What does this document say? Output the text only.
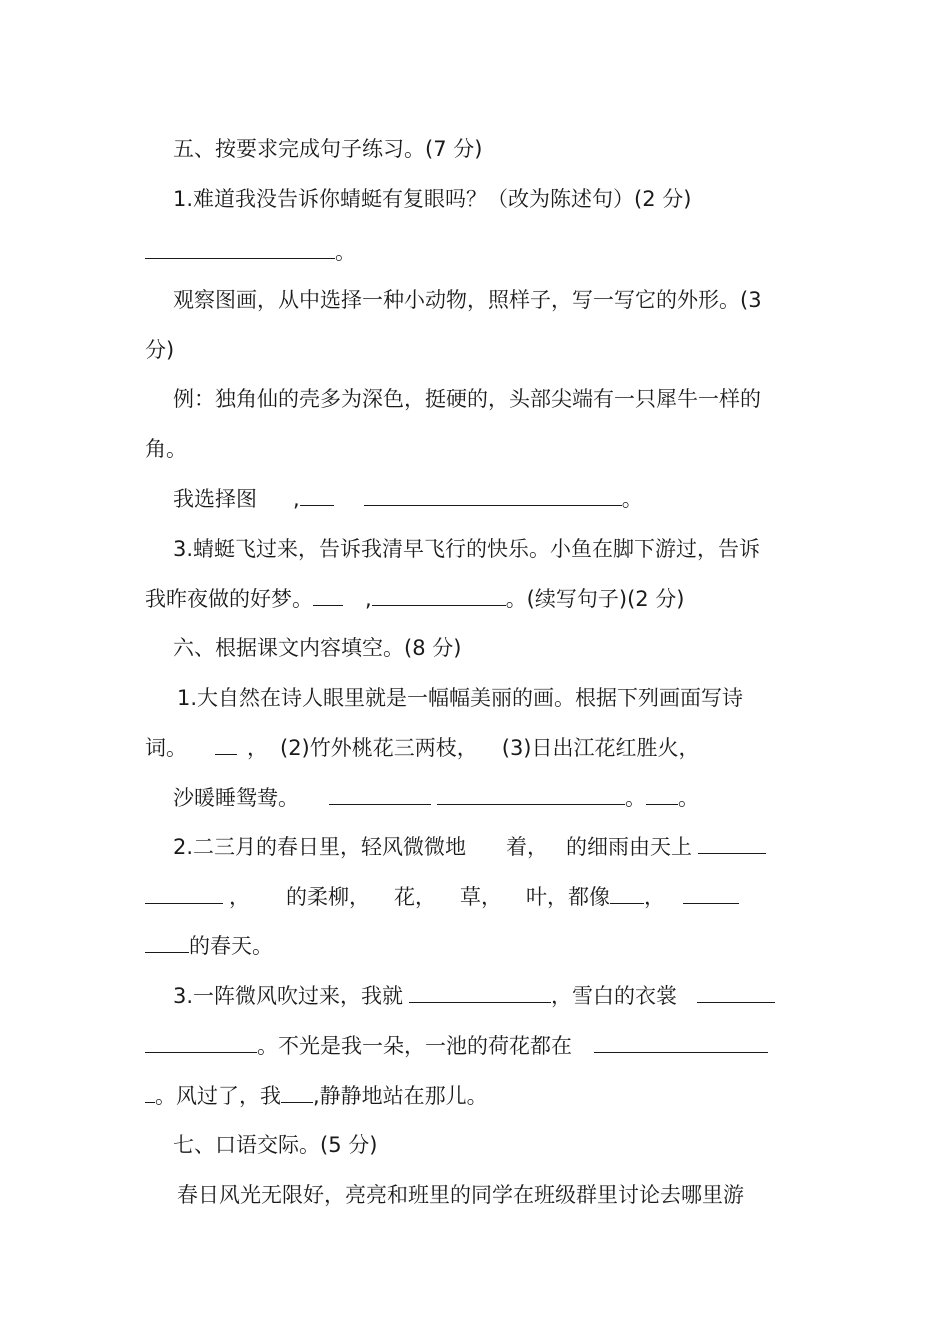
五、按要求完成句子练习。(7 分)
1.难道我没告诉你蜻蜓有复眼吗？（改为陈述句）(2 分)
。
观察图画，从中选择一种小动物，照样子，写一写它的外形。(3
分)
例：独角仙的壳多为深色，挺硬的，头部尖端有一只犀牛一样的
角。
我选择图 ,	。
3.蜻蜓飞过来，告诉我清早飞行的快乐。小鱼在脚下游过，告诉
我昨夜做的好梦。 ,	。(续写句子)(2 分)
六、根据课文内容填空。(8 分)
1.大自然在诗人眼里就是一幅幅美丽的画。根据下列画面写诗
词。	， (2)竹外桃花三两枝， (3)日出江花红胜火，
沙暖睡鸳鸯。	。 。
2.二三月的春日里，轻风微微地 着， 的细雨由天上
， 的柔柳， 花， 草， 叶，都像 ，
的春天。
3.一阵微风吹过来，我就	，雪白的衣裳
。不光是我一朵，一池的荷花都在
。风过了，我 ,静静地站在那儿。
七、口语交际。(5 分)
春日风光无限好，亮亮和班里的同学在班级群里讨论去哪里游
